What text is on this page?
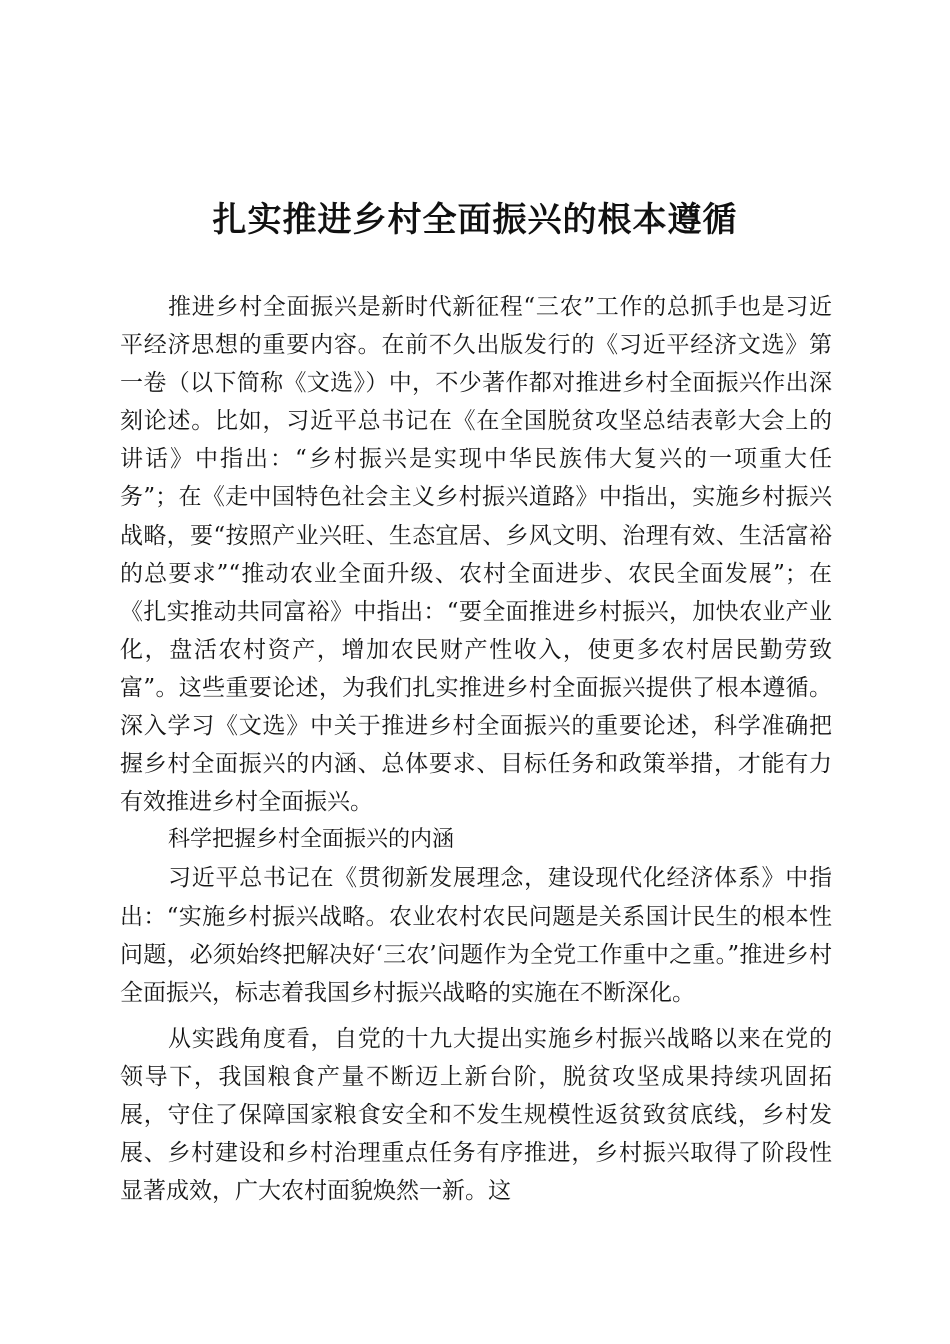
扎实推进乡村全面振兴的根本遵循

推进乡村全面振兴是新时代新征程“三农”工作的总抓手也是习近平经济思想的重要内容。在前不久出版发行的《习近平经济文选》第一卷（以下简称《文选》）中，不少著作都对推进乡村全面振兴作出深刻论述。比如，习近平总书记在《在全国脱贫攻坚总结表彰大会上的讲话》中指出：“乡村振兴是实现中华民族伟大复兴的一项重大任务”；在《走中国特色社会主义乡村振兴道路》中指出，实施乡村振兴战略，要“按照产业兴旺、生态宜居、乡风文明、治理有效、生活富裕的总要求”“推动农业全面升级、农村全面进步、农民全面发展”；在《扎实推动共同富裕》中指出：“要全面推进乡村振兴，加快农业产业化，盘活农村资产，增加农民财产性收入，使更多农村居民勤劳致富”。这些重要论述，为我们扎实推进乡村全面振兴提供了根本遵循。深入学习《文选》中关于推进乡村全面振兴的重要论述，科学准确把握乡村全面振兴的内涵、总体要求、目标任务和政策举措，才能有力有效推进乡村全面振兴。

科学把握乡村全面振兴的内涵

习近平总书记在《贯彻新发展理念，建设现代化经济体系》中指出：“实施乡村振兴战略。农业农村农民问题是关系国计民生的根本性问题，必须始终把解决好‘三农’问题作为全党工作重中之重。”推进乡村全面振兴，标志着我国乡村振兴战略的实施在不断深化。

从实践角度看，自党的十九大提出实施乡村振兴战略以来在党的领导下，我国粮食产量不断迈上新台阶，脱贫攻坚成果持续巩固拓展，守住了保障国家粮食安全和不发生规模性返贫致贫底线，乡村发展、乡村建设和乡村治理重点任务有序推进，乡村振兴取得了阶段性显著成效，广大农村面貌焕然一新。这
